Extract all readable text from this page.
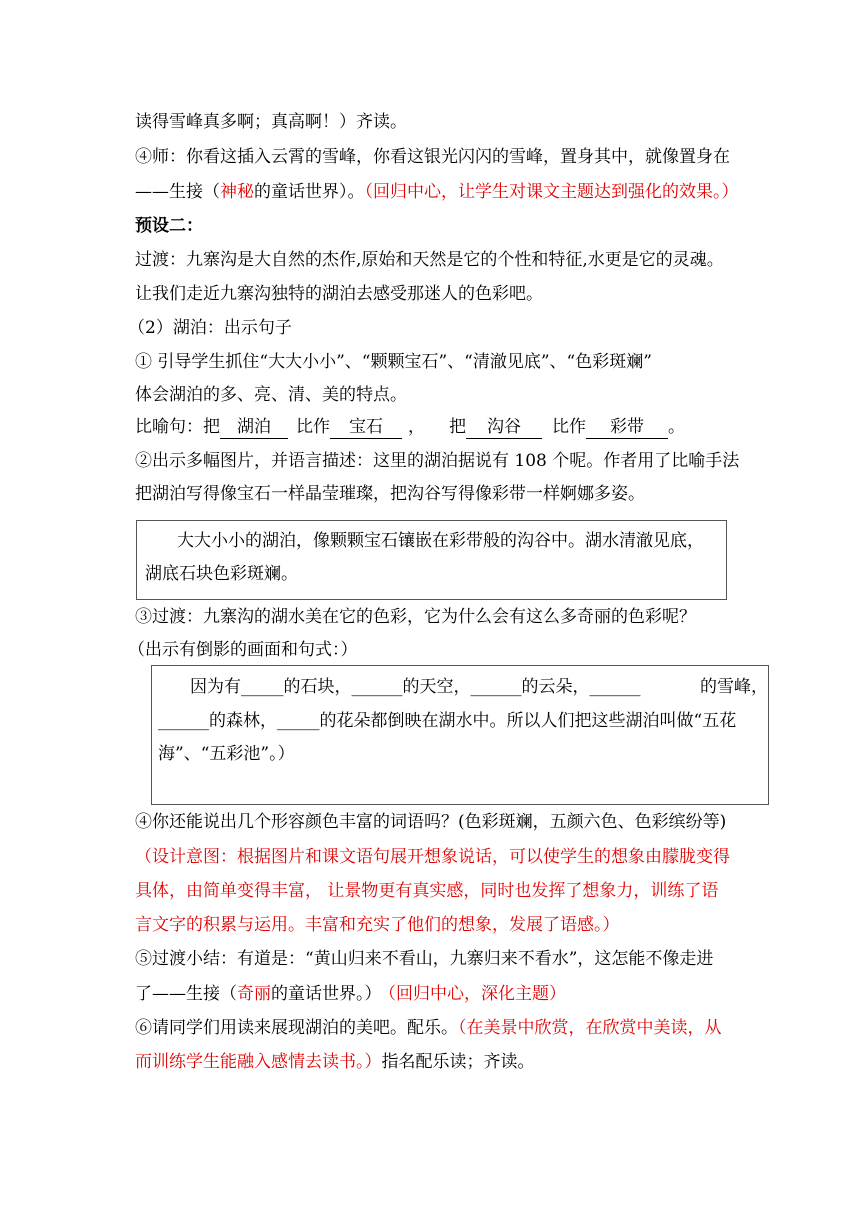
读得雪峰真多啊；真高啊！）齐读。
④师：你看这插入云霄的雪峰，你看这银光闪闪的雪峰，置身其中，就像置身在
——生接（神秘的童话世界）。（回归中心，让学生对课文主题达到强化的效果。）
预设二：
过渡：九寨沟是大自然的杰作,原始和天然是它的个性和特征,水更是它的灵魂。
让我们走近九寨沟独特的湖泊去感受那迷人的色彩吧。
（2）湖泊：出示句子
① 引导学生抓住“大大小小”、“颗颗宝石”、“清澈见底”、“色彩斑斓”
体会湖泊的多、亮、清、美的特点。
比喻句：把 湖泊 比作 宝石 ， 把 沟谷 比作 彩带 。
②出示多幅图片，并语言描述：这里的湖泊据说有 108 个呢。作者用了比喻手法
把湖泊写得像宝石一样晶莹璀璨，把沟谷写得像彩带一样婀娜多姿。
大大小小的湖泊，像颗颗宝石镶嵌在彩带般的沟谷中。湖水清澈见底，
湖底石块色彩斑斓。
③过渡：九寨沟的湖水美在它的色彩，它为什么会有这么多奇丽的色彩呢？
（出示有倒影的画面和句式：）
因为有_____的石块，______的天空，______的云朵，______	的雪峰，
______的森林，_____的花朵都倒映在湖水中。所以人们把这些湖泊叫做“五花
海”、“五彩池”。）
④你还能说出几个形容颜色丰富的词语吗？(色彩斑斓，五颜六色、色彩缤纷等)
（设计意图：根据图片和课文语句展开想象说话，可以使学生的想象由朦胧变得
具体，由简单变得丰富， 让景物更有真实感，同时也发挥了想象力，训练了语
言文字的积累与运用。丰富和充实了他们的想象，发展了语感。）
⑤过渡小结：有道是：“黄山归来不看山，九寨归来不看水”，这怎能不像走进
了——生接（奇丽的童话世界。） （回归中心，深化主题）
⑥请同学们用读来展现湖泊的美吧。配乐。（在美景中欣赏，在欣赏中美读，从
而训练学生能融入感情去读书。）指名配乐读；齐读。
